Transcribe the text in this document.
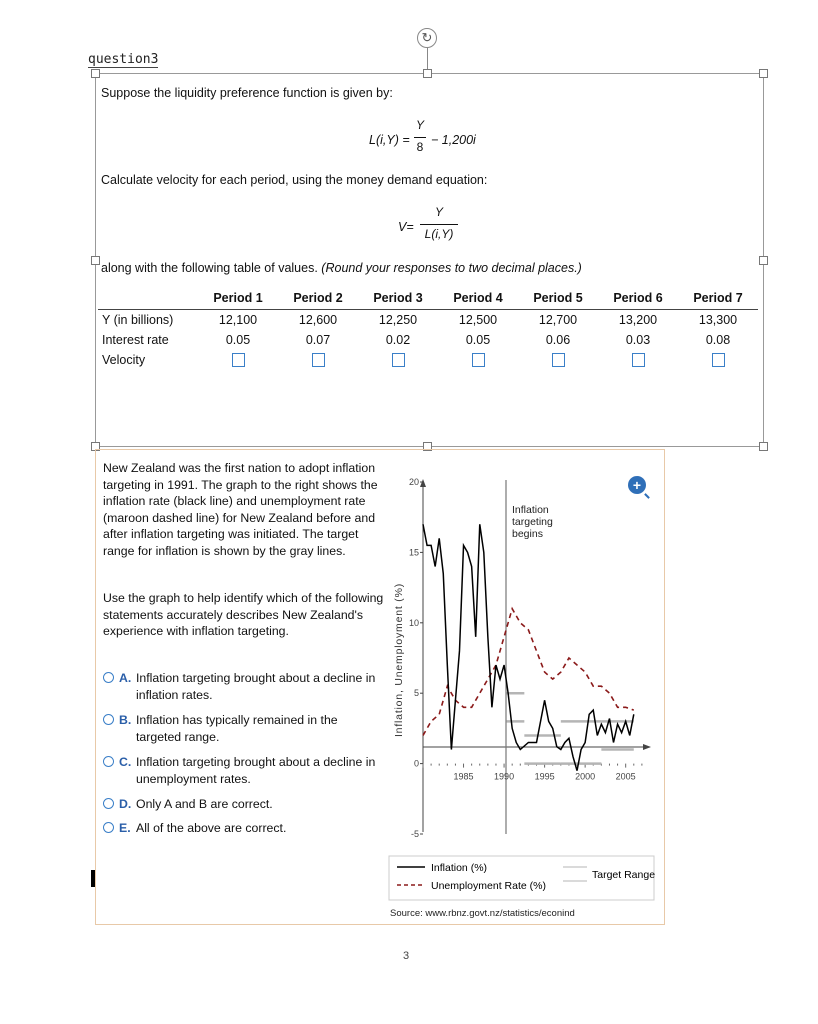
↻
question3
Suppose the liquidity preference function is given by:
L(i,Y) =
Y
8 − 1,200i
Calculate velocity for each period, using the money demand equation:
V=
Y
L(i,Y)
along with the following table of values. (Round your responses to two decimal places.)
	Period 1	Period 2	Period 3	Period 4	Period 5	Period 6	Period 7
Y (in billions)	12,100	12,600	12,250	12,500	12,700	13,200	13,300
Interest rate	0.05	0.07	0.02	0.05	0.06	0.03	0.08
Velocity							
New Zealand was the first nation to adopt inflation targeting in 1991. The graph to the right shows the inflation rate (black line) and unemployment rate (maroon dashed line) for New Zealand before and after inflation targeting was initiated. The target range for inflation is shown by the gray lines.
Use the graph to help identify which of the following statements accurately describes New Zealand's experience with inflation targeting.
A. Inflation targeting brought about a decline in inflation rates.
B. Inflation has typically remained in the targeted range.
C. Inflation targeting brought about a decline in unemployment rates.
D. Only A and B are correct.
E. All of the above are correct.
+
Inflation, Unemployment (%)
Inflation
targeting
begins
20
15
10
5
0
-5
1985 1990 1995 2000 2005
Inflation (%)
Unemployment Rate (%)
Target Range
Source: www.rbnz.govt.nz/statistics/econind
3
